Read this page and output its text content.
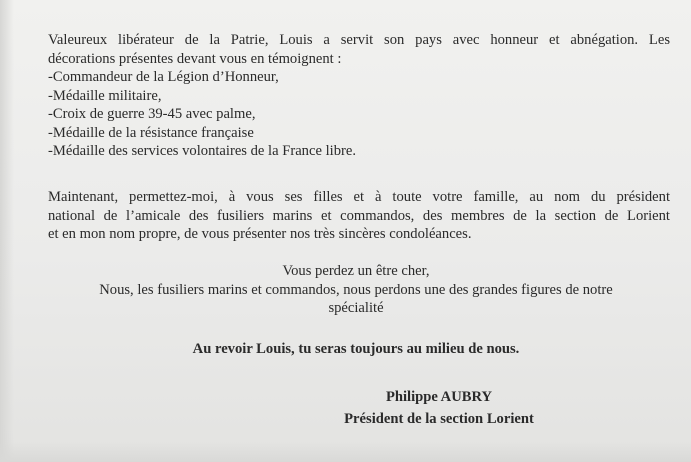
Valeureux libérateur de la Patrie, Louis a servit son pays avec honneur et abnégation. Les
décorations présentes devant vous en témoignent :
-Commandeur de la Légion d’Honneur,
-Médaille militaire,
-Croix de guerre 39-45 avec palme,
-Médaille de la résistance française
-Médaille des services volontaires de la France libre.
Maintenant, permettez-moi, à vous ses filles et à toute votre famille, au nom du président
national de l’amicale des fusiliers marins et commandos, des membres de la section de Lorient
et en mon nom propre, de vous présenter nos très sincères condoléances.
Vous perdez un être cher,
Nous, les fusiliers marins et commandos, nous perdons une des grandes figures de notre
spécialité
Au revoir Louis, tu seras toujours au milieu de nous.
Philippe AUBRY
Président de la section Lorient
